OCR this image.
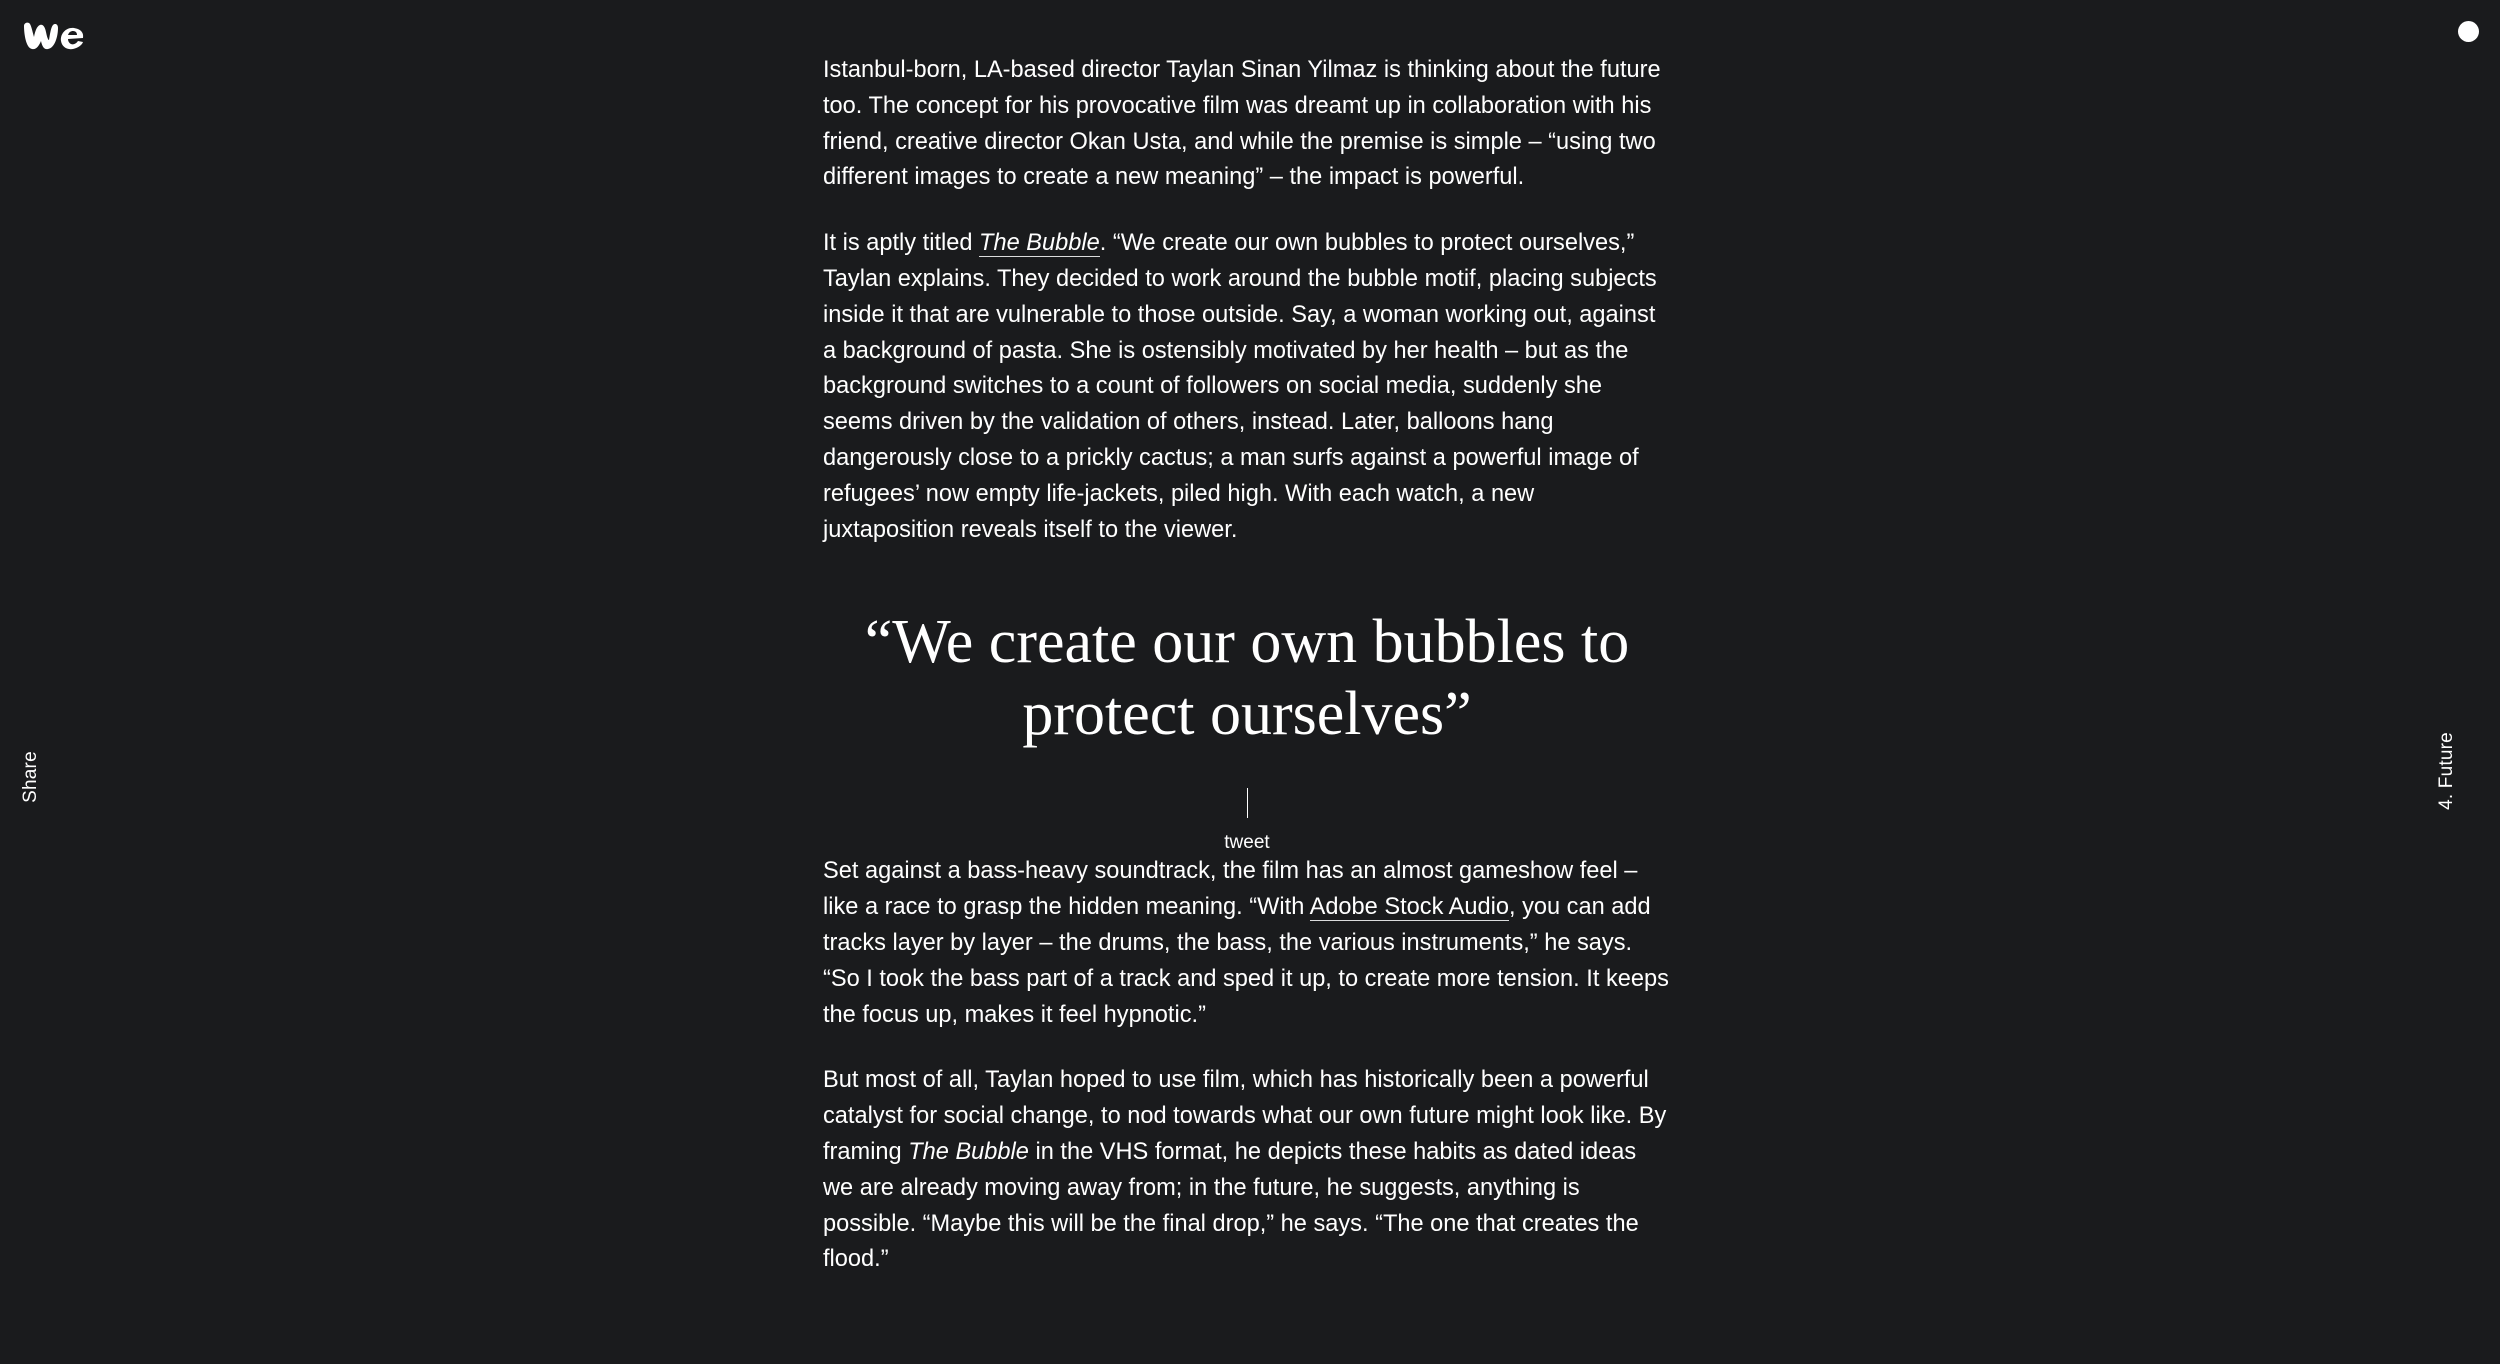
Share	4. Future

Istanbul-born, LA-based director Taylan Sinan Yilmaz is thinking about the future too. The concept for his provocative film was dreamt up in collaboration with his friend, creative director Okan Usta, and while the premise is simple – “using two different images to create a new meaning” – the impact is powerful.

It is aptly titled The Bubble. “We create our own bubbles to protect ourselves,” Taylan explains. They decided to work around the bubble motif, placing subjects inside it that are vulnerable to those outside. Say, a woman working out, against a background of pasta. She is ostensibly motivated by her health – but as the background switches to a count of followers on social media, suddenly she seems driven by the validation of others, instead. Later, balloons hang dangerously close to a prickly cactus; a man surfs against a powerful image of refugees’ now empty life-jackets, piled high. With each watch, a new juxtaposition reveals itself to the viewer.

“We create our own bubbles to protect ourselves”
tweet

Set against a bass-heavy soundtrack, the film has an almost gameshow feel – like a race to grasp the hidden meaning. “With Adobe Stock Audio, you can add tracks layer by layer – the drums, the bass, the various instruments,” he says. “So I took the bass part of a track and sped it up, to create more tension. It keeps the focus up, makes it feel hypnotic.”

But most of all, Taylan hoped to use film, which has historically been a powerful catalyst for social change, to nod towards what our own future might look like. By framing The Bubble in the VHS format, he depicts these habits as dated ideas we are already moving away from; in the future, he suggests, anything is possible. “Maybe this will be the final drop,” he says. “The one that creates the flood.”
